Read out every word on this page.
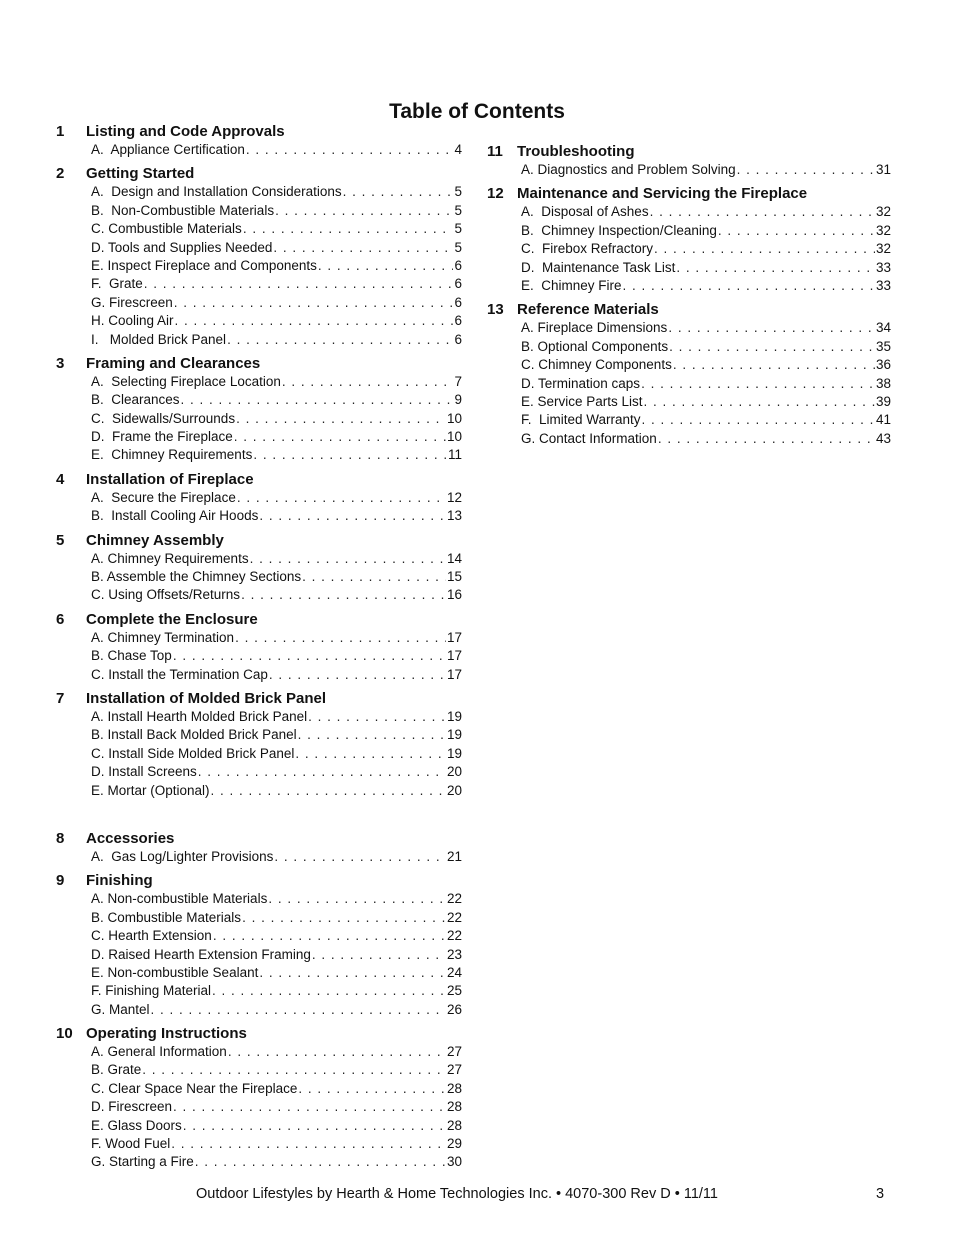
Table of Contents
1	Listing and Code Approvals
A.  Appliance Certification . . .	4
2	Getting Started
A.  Design and Installation Considerations . . .	5
B.  Non-Combustible Materials . . .	5
C. Combustible Materials . . .	5
D. Tools and Supplies Needed . . .	5
E. Inspect Fireplace and Components . . .	6
F.  Grate . . .	6
G. Firescreen . . .	6
H. Cooling Air . . .	6
I.   Molded Brick Panel . . .	6
3	Framing and Clearances
A.  Selecting Fireplace Location . . .	7
B.  Clearances . . .	9
C.  Sidewalls/Surrounds . . .	10
D.  Frame the Fireplace . . .	10
E.  Chimney Requirements . . .	11
4	Installation of Fireplace
A.  Secure the Fireplace . . .	12
B.  Install Cooling Air Hoods . . .	13
5	Chimney Assembly
A. Chimney Requirements . . .	14
B. Assemble the Chimney Sections . . .	15
C. Using Offsets/Returns . . .	16
6	Complete the Enclosure
A. Chimney Termination . . .	17
B. Chase Top . . .	17
C. Install the Termination Cap . . .	17
7	Installation of Molded Brick Panel
A. Install Hearth Molded Brick Panel . . .	19
B. Install Back Molded Brick Panel . . .	19
C. Install Side Molded Brick Panel . . .	19
D. Install Screens . . .	20
E. Mortar (Optional) . . .	20
8	Accessories
A.  Gas Log/Lighter Provisions . . .	21
9	Finishing
A. Non-combustible Materials . . .	22
B. Combustible Materials . . .	22
C. Hearth Extension . . .	22
D. Raised Hearth Extension Framing . . .	23
E. Non-combustible Sealant . . .	24
F. Finishing Material . . .	25
G. Mantel . . .	26
10 Operating Instructions
A. General Information . . .	27
B. Grate . . .	27
C. Clear Space Near the Fireplace . . .	28
D. Firescreen . . .	28
E. Glass Doors . . .	28
F. Wood Fuel . . .	29
G. Starting a Fire . . .	30
11 Troubleshooting
A. Diagnostics and Problem Solving . . .	31
12 Maintenance and Servicing the Fireplace
A.  Disposal of Ashes . . .	32
B.  Chimney Inspection/Cleaning . . .	32
C.  Firebox Refractory . . .	32
D.  Maintenance Task List . . .	33
E.  Chimney Fire . . .	33
13 Reference Materials
A. Fireplace Dimensions . . .	34
B. Optional Components . . .	35
C. Chimney Components . . .	36
D. Termination caps . . .	38
E. Service Parts List . . .	39
F.  Limited Warranty . . .	41
G. Contact Information . . .	43
Outdoor Lifestyles by Hearth & Home Technologies Inc. • 4070-300 Rev D • 11/11	3
